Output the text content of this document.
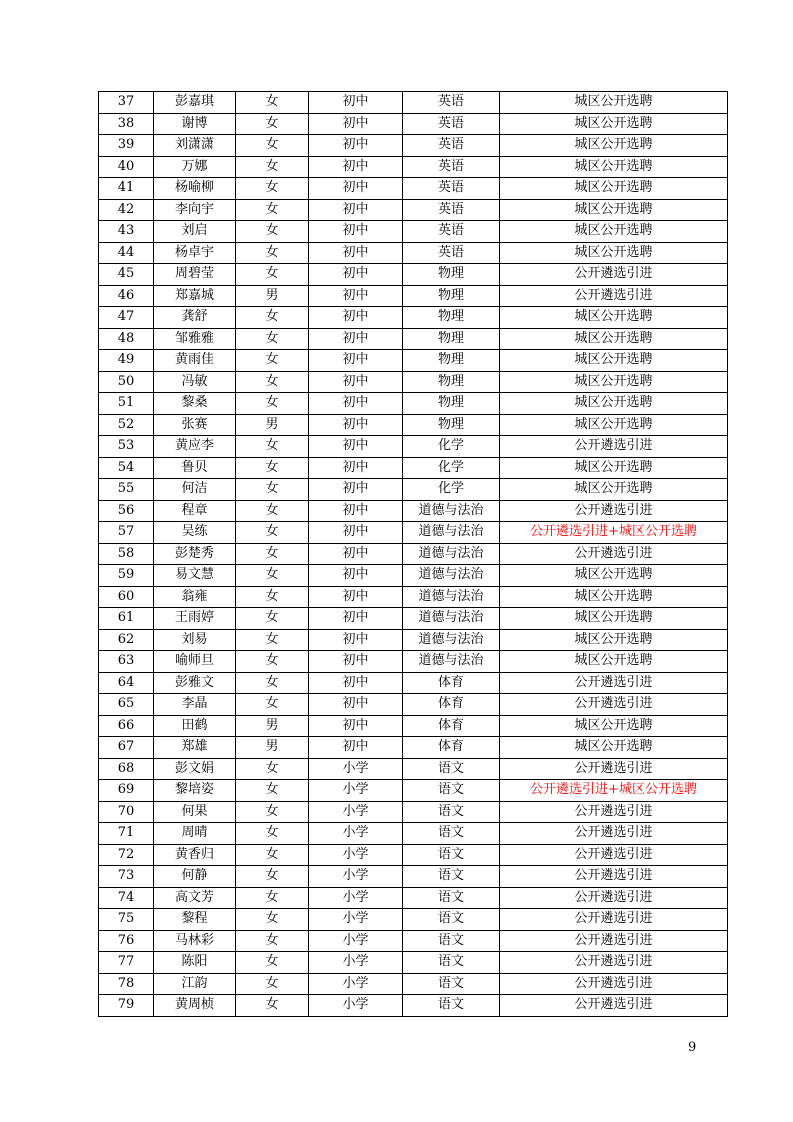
37	彭嘉琪	女	初中	英语	城区公开选聘
38	谢博	女	初中	英语	城区公开选聘
39	刘潇潇	女	初中	英语	城区公开选聘
40	万娜	女	初中	英语	城区公开选聘
41	杨喻柳	女	初中	英语	城区公开选聘
42	李向宇	女	初中	英语	城区公开选聘
43	刘启	女	初中	英语	城区公开选聘
44	杨卓宇	女	初中	英语	城区公开选聘
45	周碧莹	女	初中	物理	公开遴选引进
46	郑嘉城	男	初中	物理	公开遴选引进
47	龚舒	女	初中	物理	城区公开选聘
48	邹雅雅	女	初中	物理	城区公开选聘
49	黄雨佳	女	初中	物理	城区公开选聘
50	冯敏	女	初中	物理	城区公开选聘
51	黎桑	女	初中	物理	城区公开选聘
52	张赛	男	初中	物理	城区公开选聘
53	黄应李	女	初中	化学	公开遴选引进
54	鲁贝	女	初中	化学	城区公开选聘
55	何洁	女	初中	化学	城区公开选聘
56	程章	女	初中	道德与法治	公开遴选引进
57	吴练	女	初中	道德与法治	公开遴选引进+城区公开选聘
58	彭楚秀	女	初中	道德与法治	公开遴选引进
59	易文慧	女	初中	道德与法治	城区公开选聘
60	翁雍	女	初中	道德与法治	城区公开选聘
61	王雨婷	女	初中	道德与法治	城区公开选聘
62	刘易	女	初中	道德与法治	城区公开选聘
63	喻师旦	女	初中	道德与法治	城区公开选聘
64	彭雅文	女	初中	体育	公开遴选引进
65	李晶	女	初中	体育	公开遴选引进
66	田鹤	男	初中	体育	城区公开选聘
67	郑雄	男	初中	体育	城区公开选聘
68	彭文娟	女	小学	语文	公开遴选引进
69	黎培姿	女	小学	语文	公开遴选引进+城区公开选聘
70	何果	女	小学	语文	公开遴选引进
71	周晴	女	小学	语文	公开遴选引进
72	黄香归	女	小学	语文	公开遴选引进
73	何静	女	小学	语文	公开遴选引进
74	高文芳	女	小学	语文	公开遴选引进
75	黎程	女	小学	语文	公开遴选引进
76	马林彩	女	小学	语文	公开遴选引进
77	陈阳	女	小学	语文	公开遴选引进
78	江韵	女	小学	语文	公开遴选引进
79	黄周桢	女	小学	语文	公开遴选引进
9
